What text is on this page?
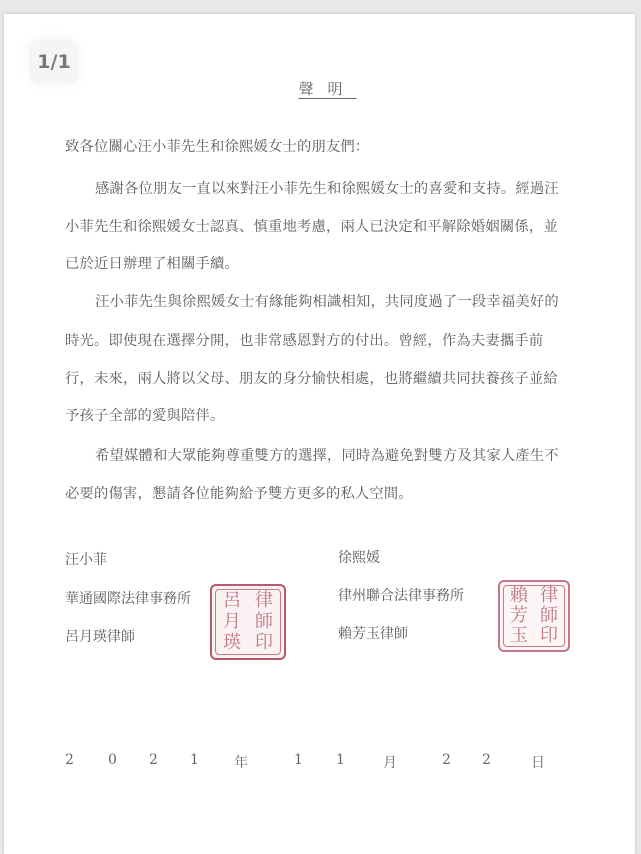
1/1
聲明
致各位關心汪小菲先生和徐熙媛女士的朋友們：
感謝各位朋友一直以來對汪小菲先生和徐熙媛女士的喜愛和支持。經過汪
小菲先生和徐熙媛女士認真、慎重地考慮，兩人已決定和平解除婚姻關係，並
已於近日辦理了相關手續。
汪小菲先生與徐熙媛女士有緣能夠相識相知，共同度過了一段幸福美好的
時光。即使現在選擇分開，也非常感恩對方的付出。曾經，作為夫妻攜手前
行，未來，兩人將以父母、朋友的身分愉快相處，也將繼續共同扶養孩子並給
予孩子全部的愛與陪伴。
希望媒體和大眾能夠尊重雙方的選擇，同時為避免對雙方及其家人產生不
必要的傷害，懇請各位能夠給予雙方更多的私人空間。
汪小菲
華通國際法律事務所
呂月瑛律師
呂 律
月 師
瑛 印
徐熙媛
律州聯合法律事務所
賴芳玉律師
賴 律
芳 師
玉 印
2 0 2 1	年	1 1	月	2 2	日
